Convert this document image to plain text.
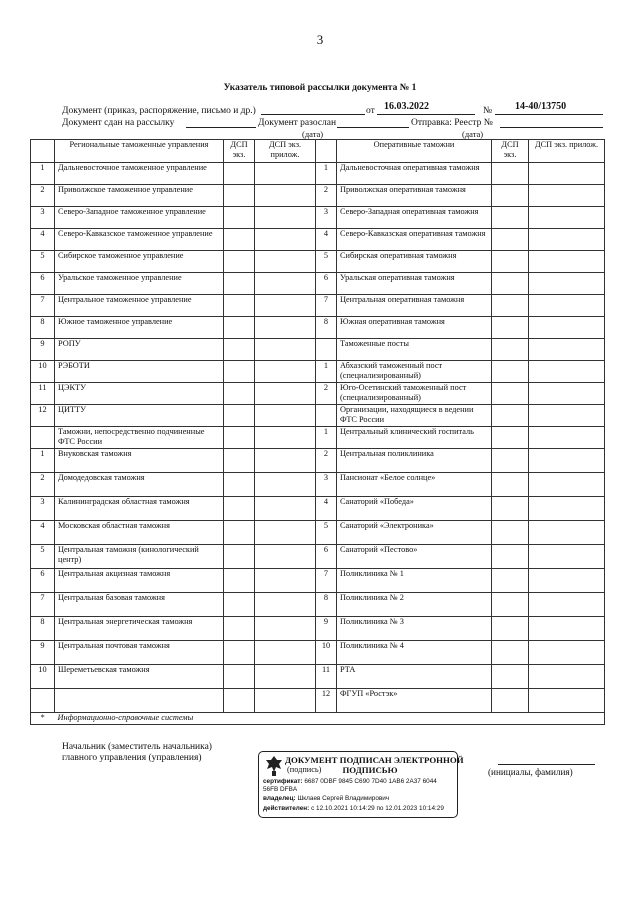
3
Указатель типовой рассылки документа № 1
Документ (приказ, распоряжение, письмо и др.)	от 16.03.2022	№ 14-40/13750
Документ сдан на рассылку	Документ разослан	Отправка: Реестр №
(дата)	(дата)
	Региональные таможенные управления	ДСП экз.	ДСП экз. прилож.		Оперативные таможни	ДСП экз.	ДСП экз. прилож.
1	Дальневосточное таможенное управление			1	Дальневосточная оперативная таможня		
2	Приволжское таможенное управление			2	Приволжская оперативная таможня		
3	Северо-Западное таможенное управление			3	Северо-Западная оперативная таможня		
4	Северо-Кавказское таможенное управление			4	Северо-Кавказская оперативная таможня		
5	Сибирское таможенное управление			5	Сибирская оперативная таможня		
6	Уральское таможенное управление			6	Уральская оперативная таможня		
7	Центральное таможенное управление			7	Центральная оперативная таможня		
8	Южное таможенное управление			8	Южная оперативная таможня		
9	РОПУ				Таможенные посты		
10	РЭБОТИ			1	Абхазский таможенный пост (специализированный)		
11	ЦЭКТУ			2	Юго-Осетинский таможенный пост (специализированный)		
12	ЦИТТУ				Организации, находящиеся в ведении ФТС России		
	Таможни, непосредственно подчиненные ФТС России			1	Центральный клинический госпиталь		
1	Внуковская таможня			2	Центральная поликлиника		
2	Домодедовская таможня			3	Пансионат «Белое солнце»		
3	Калининградская областная таможня			4	Санаторий «Победа»		
4	Московская областная таможня			5	Санаторий «Электроника»		
5	Центральная таможня (кинологический центр)			6	Санаторий «Пестово»		
6	Центральная акцизная таможня			7	Поликлиника № 1		
7	Центральная базовая таможня			8	Поликлиника № 2		
8	Центральная энергетическая таможня			9	Поликлиника № 3		
9	Центральная почтовая таможня			10	Поликлиника № 4		
10	Шереметьевская таможня			11	РТА		
				12	ФГУП «Ростэк»		
*	Информационно-справочные системы						
Начальник (заместитель начальника)
главного управления (управления)	ДОКУМЕНТ ПОДПИСАН ЭЛЕКТРОННОЙ
ПОДПИСЬЮ
сертификат: 6687 0DBF 9845 C690 7D40 1AB6 2A37 6044
56FB DFBA
владелец: Шклаев Сергей Владимирович
действителен: с 12.10.2021 10:14:29 по 12.01.2023 10:14:29
(подпись)	(инициалы, фамилия)
